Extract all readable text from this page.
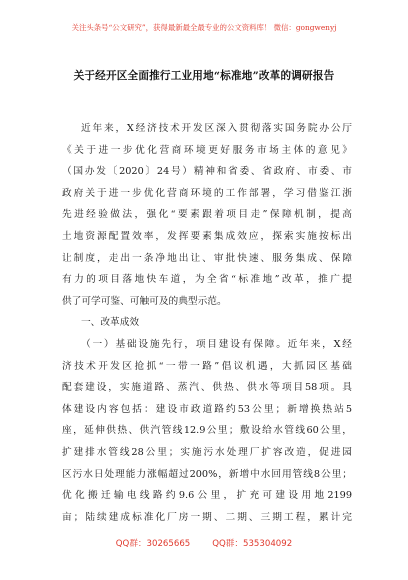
关注头条号“公文研究”，获得最新最全最专业的公文资料库！ 微信：gongwenyj
关于经开区全面推行工业用地“标准地”改革的调研报告
近年来，X经济技术开发区深入贯彻落实国务院办公厅
《关于进一步优化营商环境更好服务市场主体的意见》
（国办发〔2020〕24号）精神和省委、省政府、市委、市
政府关于进一步优化营商环境的工作部署，学习借鉴江浙
先进经验做法，强化“要素跟着项目走”保障机制，提高
土地资源配置效率，发挥要素集成效应，探索实施按标出
让制度，走出一条净地出让、审批快速、服务集成、保障
有力的项目落地快车道，为全省“标准地”改革，推广提
供了可学可鉴、可触可及的典型示范。
一、改革成效
（一）基础设施先行，项目建设有保障。近年来，X经
济技术开发区抢抓“一带一路”倡议机遇，大抓园区基础
配套建设，实施道路、蒸汽、供热、供水等项目58项。具
体建设内容包括：建设市政道路约53公里；新增换热站5
座，延伸供热、供汽管线12.9公里；敷设给水管线60公里，
扩建排水管线28公里；实施污水处理厂扩容改造，促进园
区污水日处理能力涨幅超过200%，新增中水回用管线8公里；
优化搬迁输电线路约9.6公里，扩充可建设用地2199
亩；陆续建成标准化厂房一期、二期、三期工程，累计完
QQ群：30265665	QQ群：535304092
